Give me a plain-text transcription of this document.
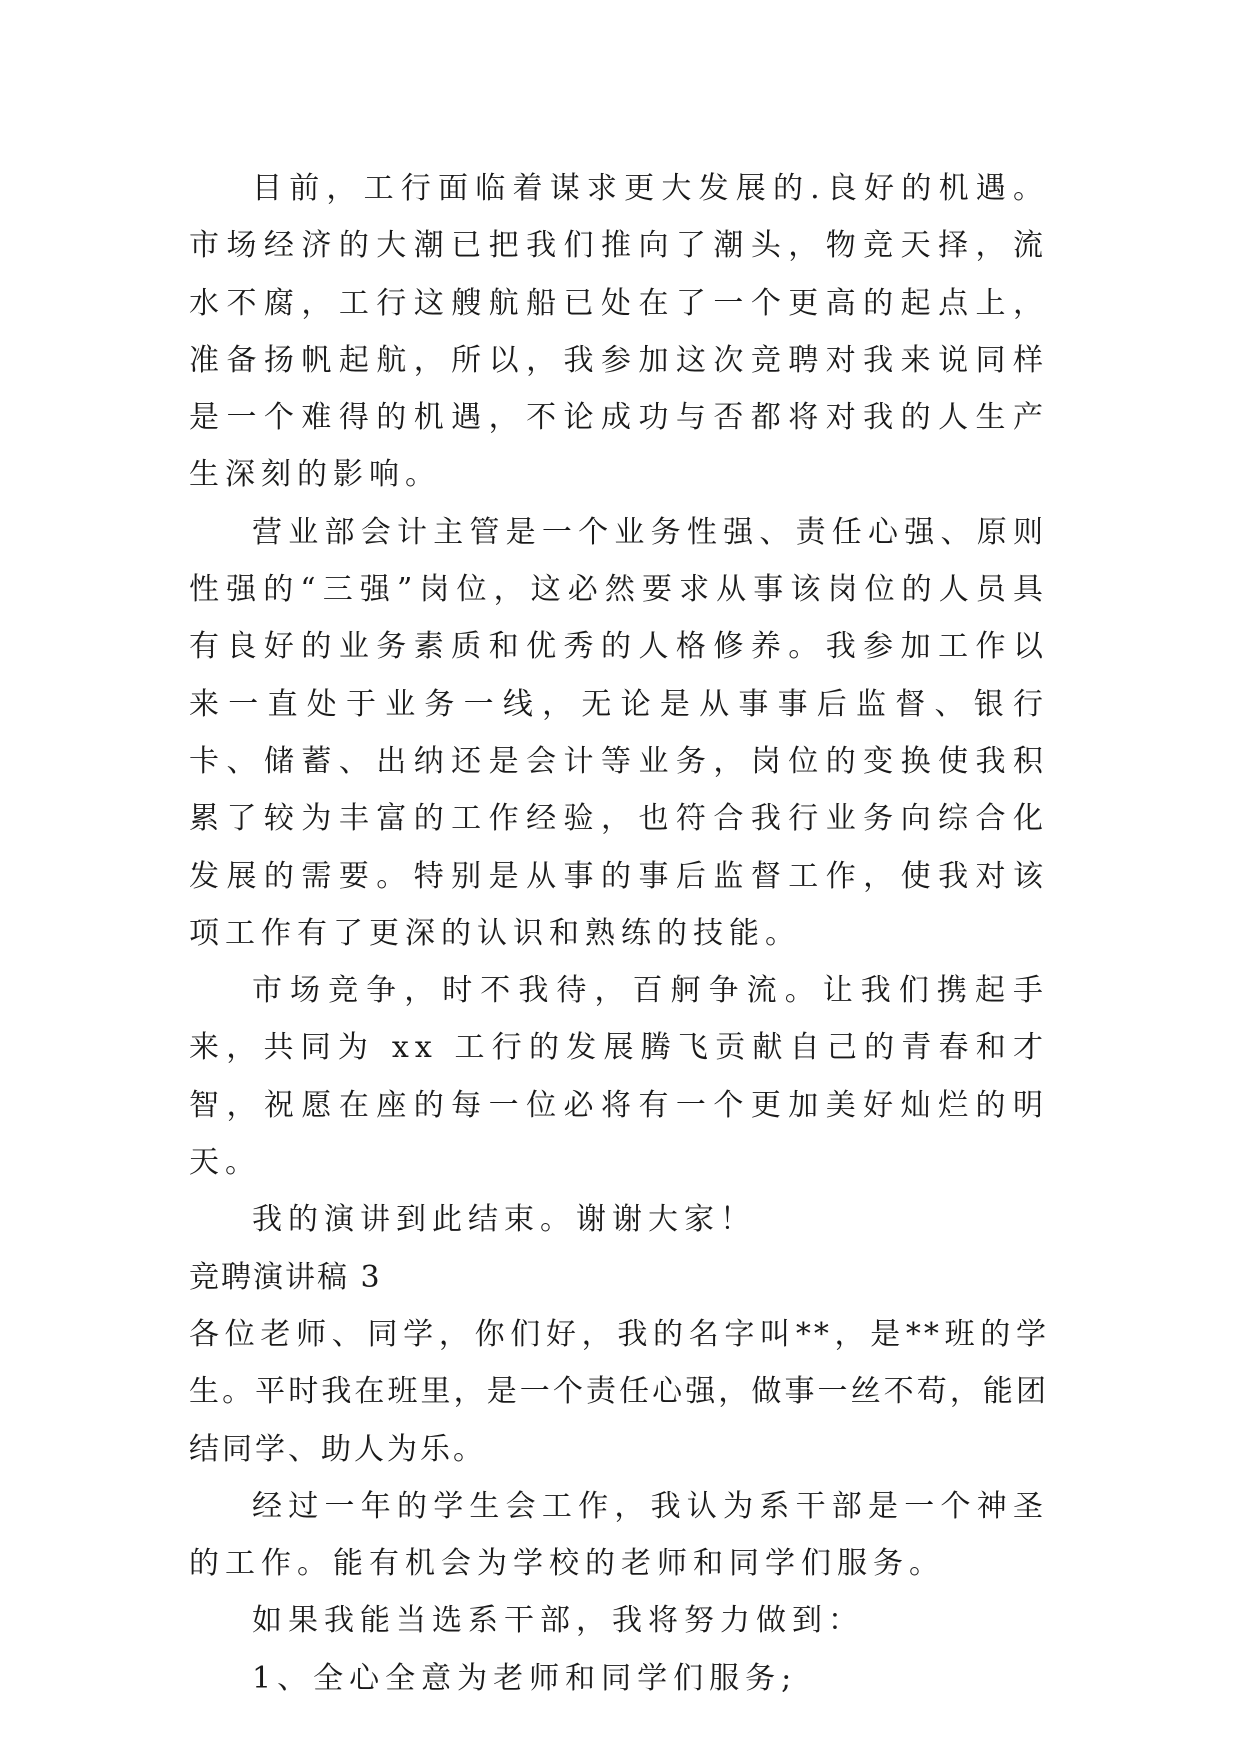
目前，工行面临着谋求更大发展的.良好的机遇。市场经济的大潮已把我们推向了潮头，物竞天择，流水不腐，工行这艘航船已处在了一个更高的起点上，准备扬帆起航，所以，我参加这次竞聘对我来说同样是一个难得的机遇，不论成功与否都将对我的人生产生深刻的影响。

营业部会计主管是一个业务性强、责任心强、原则性强的“三强”岗位，这必然要求从事该岗位的人员具有良好的业务素质和优秀的人格修养。我参加工作以来一直处于业务一线，无论是从事事后监督、银行卡、储蓄、出纳还是会计等业务，岗位的变换使我积累了较为丰富的工作经验，也符合我行业务向综合化发展的需要。特别是从事的事后监督工作，使我对该项工作有了更深的认识和熟练的技能。

市场竞争，时不我待，百舸争流。让我们携起手来，共同为 xx 工行的发展腾飞贡献自己的青春和才智，祝愿在座的每一位必将有一个更加美好灿烂的明天。

我的演讲到此结束。谢谢大家！

竞聘演讲稿 3

各位老师、同学，你们好，我的名字叫**，是**班的学生。平时我在班里，是一个责任心强，做事一丝不苟，能团结同学、助人为乐。

经过一年的学生会工作，我认为系干部是一个神圣的工作。能有机会为学校的老师和同学们服务。

如果我能当选系干部，我将努力做到：

1、全心全意为老师和同学们服务;
